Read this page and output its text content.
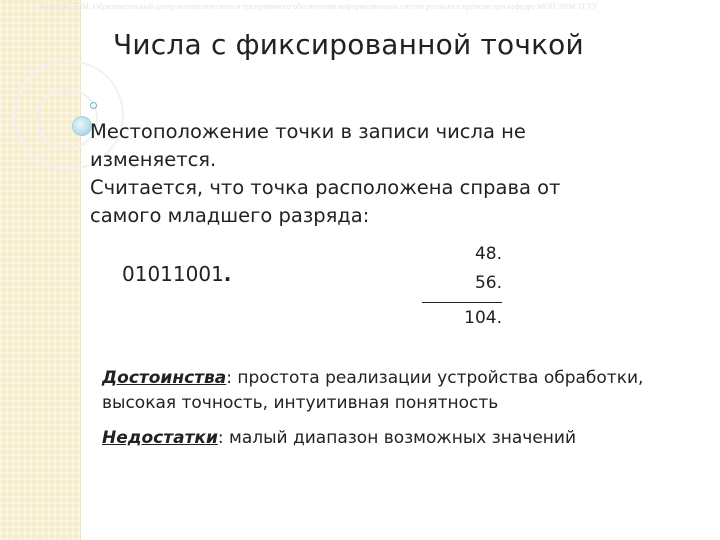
Кафедра ЭВМ: Образовательный центр математического и программного обеспечения информационных систем реального времени при кафедре МОП ЭВМ ТГТУ
Числа с фиксированной точкой
Местоположение точки в записи числа не
изменяется.
Считается, что точка расположена справа от
самого младшего разряда:
01011001.
48.
56.
104.
Достоинства: простота реализации устройства обработки,
высокая точность, интуитивная понятность
Недостатки: малый диапазон возможных значений
